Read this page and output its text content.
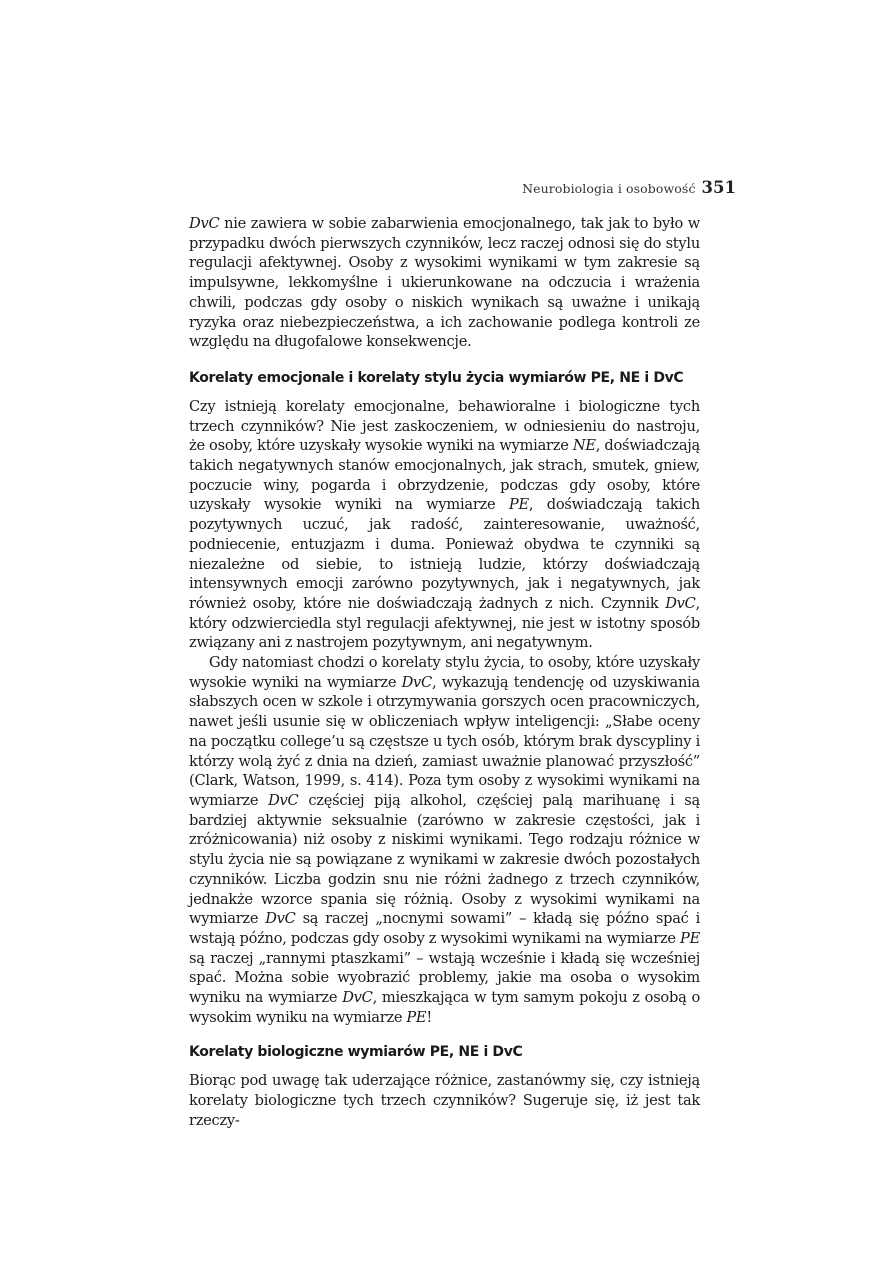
Neurobiologia i osobowość 351

DvC nie zawiera w sobie zabarwienia emocjonalnego, tak jak to było w przypadku dwóch pierwszych czynników, lecz raczej odnosi się do stylu regulacji afektywnej. Osoby z wysokimi wynikami w tym zakresie są impulsywne, lekkomyślne i ukierunkowane na odczucia i wrażenia chwili, podczas gdy osoby o niskich wynikach są uważne i unikają ryzyka oraz niebezpieczeństwa, a ich zachowanie podlega kontroli ze względu na długofalowe konsekwencje.

Korelaty emocjonale i korelaty stylu życia wymiarów PE, NE i DvC

Czy istnieją korelaty emocjonalne, behawioralne i biologiczne tych trzech czynników? Nie jest zaskoczeniem, w odniesieniu do nastroju, że osoby, które uzyskały wysokie wyniki na wymiarze NE, doświadczają takich negatywnych stanów emocjonalnych, jak strach, smutek, gniew, poczucie winy, pogarda i obrzydzenie, podczas gdy osoby, które uzyskały wysokie wyniki na wymiarze PE, doświadczają takich pozytywnych uczuć, jak radość, zainteresowanie, uważność, podniecenie, entuzjazm i duma. Ponieważ obydwa te czynniki są niezależne od siebie, to istnieją ludzie, którzy doświadczają intensywnych emocji zarówno pozytywnych, jak i negatywnych, jak również osoby, które nie doświadczają żadnych z nich. Czynnik DvC, który odzwierciedla styl regulacji afektywnej, nie jest w istotny sposób związany ani z nastrojem pozytywnym, ani negatywnym.

Gdy natomiast chodzi o korelaty stylu życia, to osoby, które uzyskały wysokie wyniki na wymiarze DvC, wykazują tendencję od uzyskiwania słabszych ocen w szkole i otrzymywania gorszych ocen pracowniczych, nawet jeśli usunie się w obliczeniach wpływ inteligencji: „Słabe oceny na początku college’u są częstsze u tych osób, którym brak dyscypliny i którzy wolą żyć z dnia na dzień, zamiast uważnie planować przyszłość” (Clark, Watson, 1999, s. 414). Poza tym osoby z wysokimi wynikami na wymiarze DvC częściej piją alkohol, częściej palą marihuanę i są bardziej aktywnie seksualnie (zarówno w zakresie częstości, jak i zróżnicowania) niż osoby z niskimi wynikami. Tego rodzaju różnice w stylu życia nie są powiązane z wynikami w zakresie dwóch pozostałych czynników. Liczba godzin snu nie różni żadnego z trzech czynników, jednakże wzorce spania się różnią. Osoby z wysokimi wynikami na wymiarze DvC są raczej „nocnymi sowami” – kładą się późno spać i wstają późno, podczas gdy osoby z wysokimi wynikami na wymiarze PE są raczej „rannymi ptaszkami” – wstają wcześnie i kładą się wcześniej spać. Można sobie wyobrazić problemy, jakie ma osoba o wysokim wyniku na wymiarze DvC, mieszkająca w tym samym pokoju z osobą o wysokim wyniku na wymiarze PE!

Korelaty biologiczne wymiarów PE, NE i DvC

Biorąc pod uwagę tak uderzające różnice, zastanówmy się, czy istnieją korelaty biologiczne tych trzech czynników? Sugeruje się, iż jest tak rzeczy-
